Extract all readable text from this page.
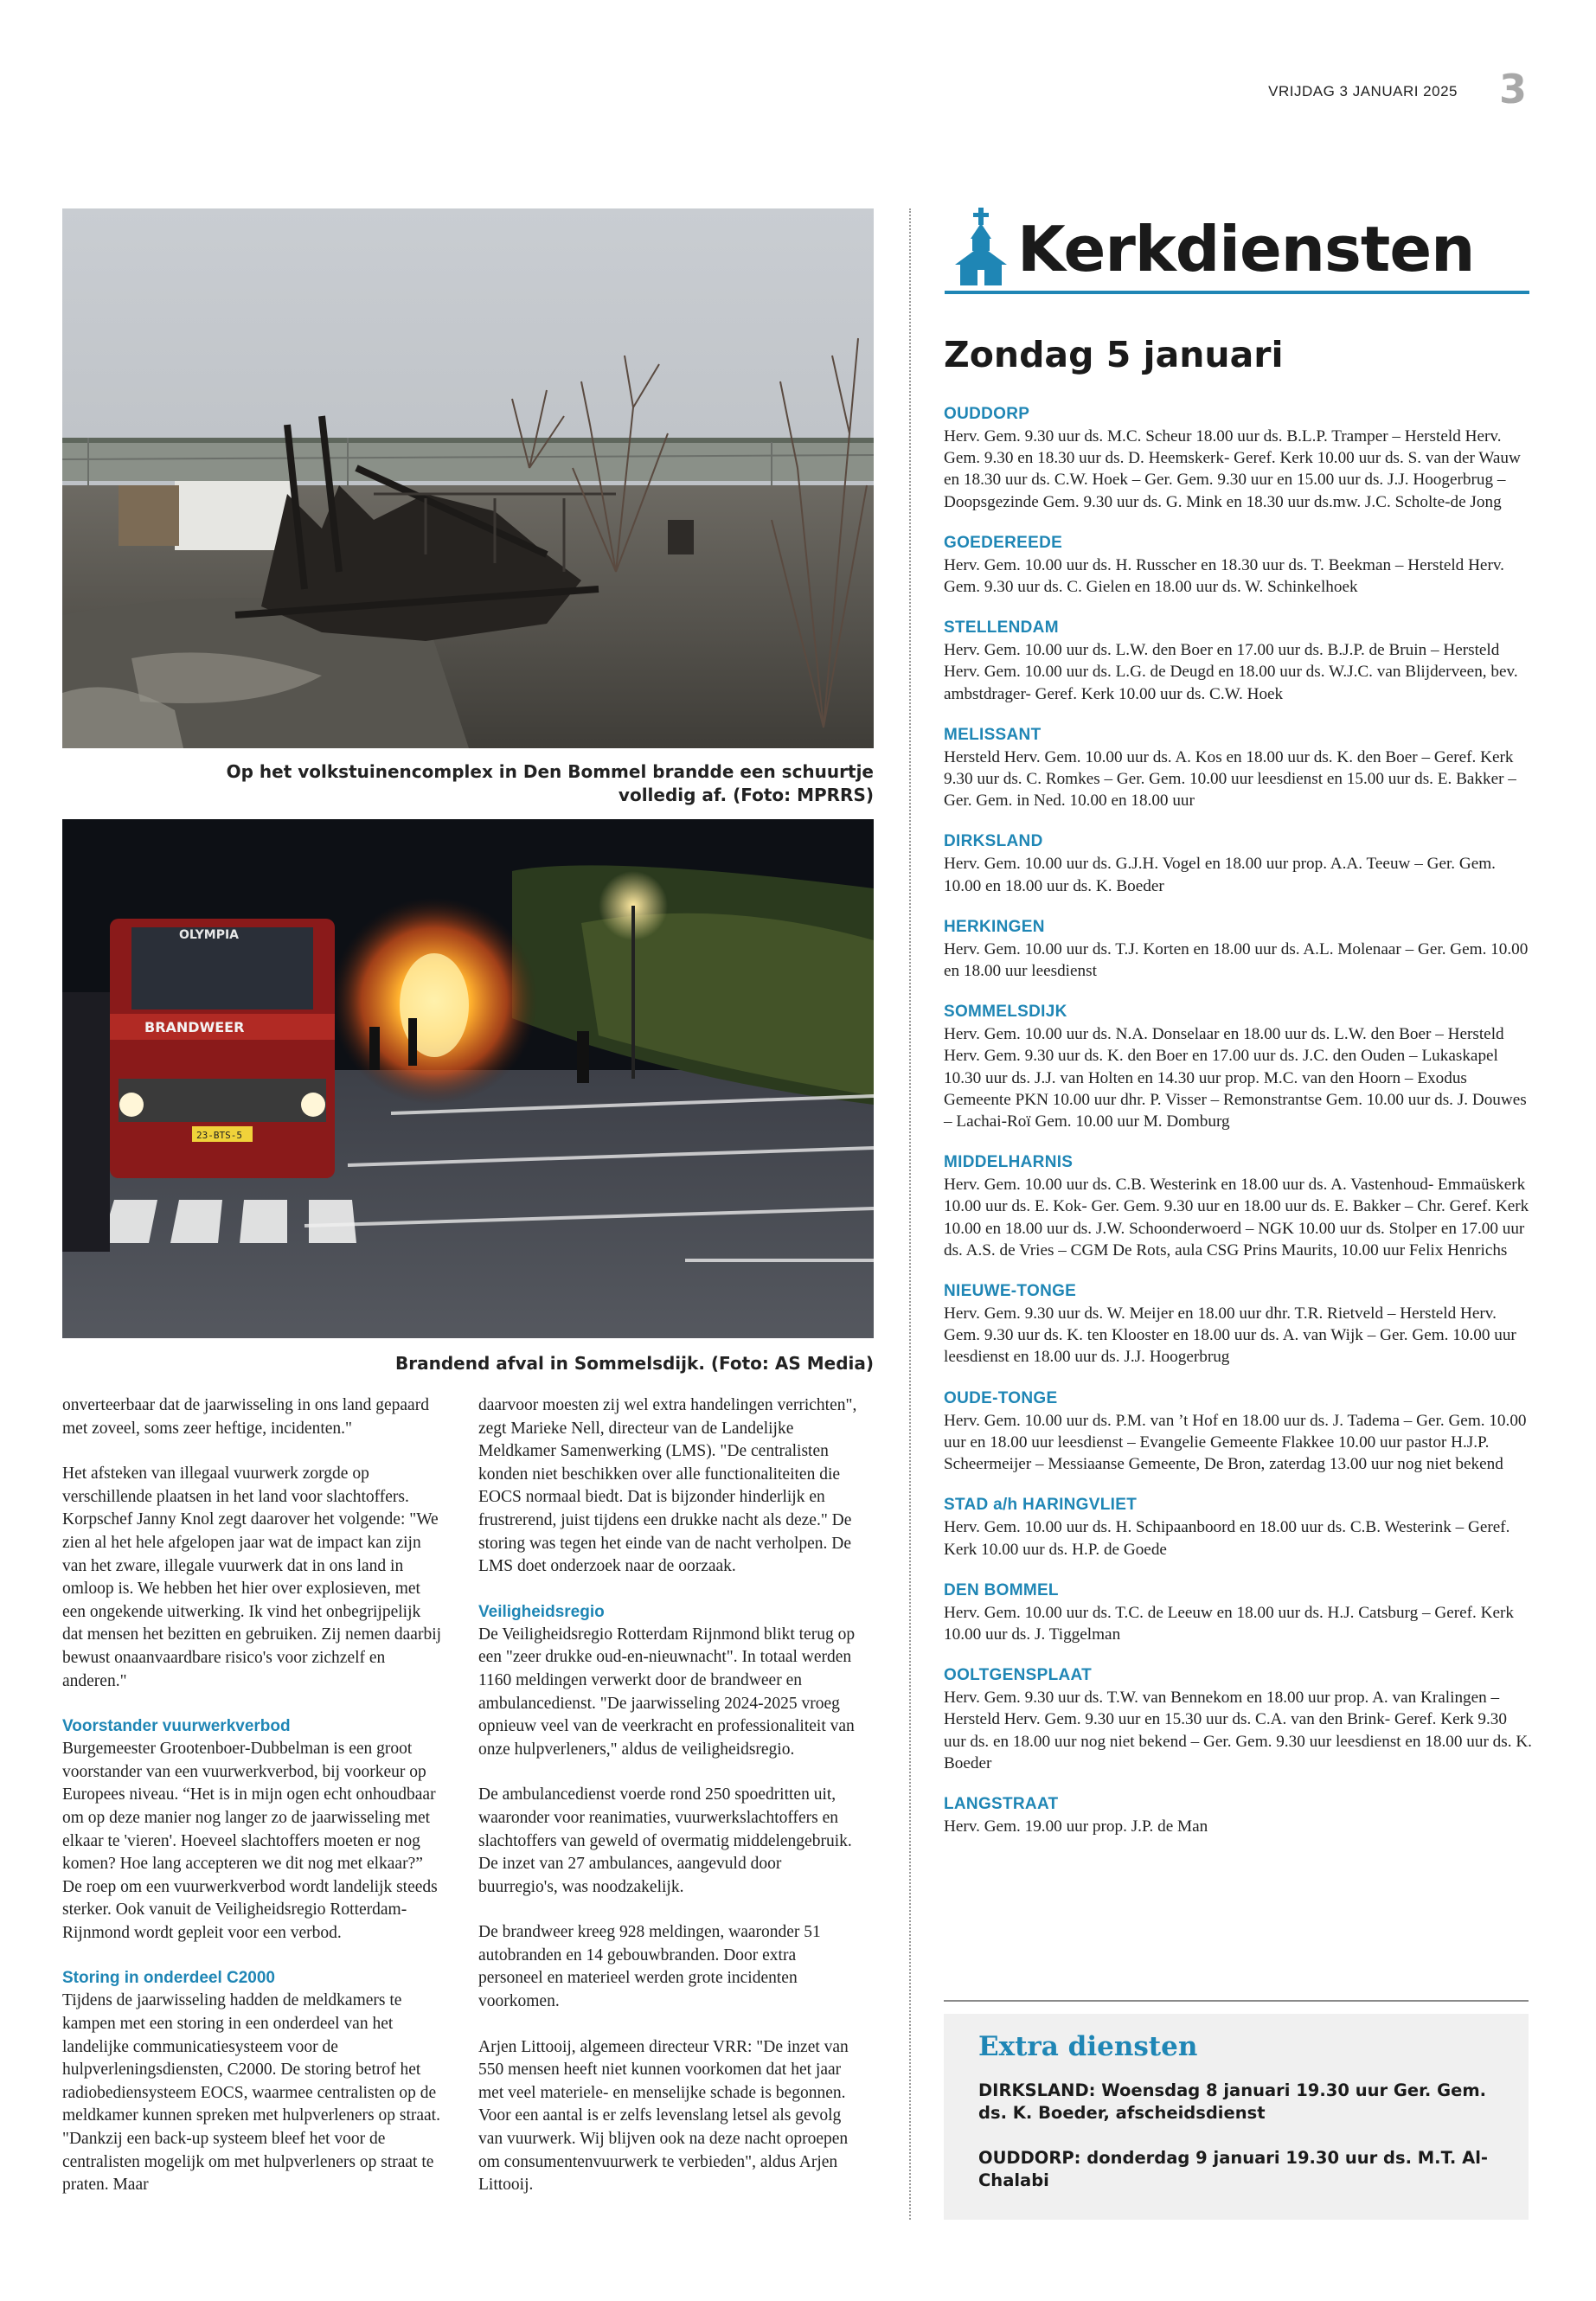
VRIJDAG 3 JANUARI 2025 3
Op het volkstuinencomplex in Den Bommel brandde een schuurtje volledig af. (Foto: MPRRS)
OLYMPIA
BRANDWEER
23-BTS-5
Brandend afval in Sommelsdijk. (Foto: AS Media)

onverteerbaar dat de jaarwisseling in ons land gepaard met zoveel, soms zeer heftige, incidenten."

Het afsteken van illegaal vuurwerk zorgde op verschillende plaatsen in het land voor slachtoffers. Korpschef Janny Knol zegt daarover het volgende: "We zien al het hele afgelopen jaar wat de impact kan zijn van het zware, illegale vuurwerk dat in ons land in omloop is. We hebben het hier over explosieven, met een ongekende uitwerking. Ik vind het onbegrijpelijk dat mensen het bezitten en gebruiken. Zij nemen daarbij bewust onaanvaardbare risico's voor zichzelf en anderen."

Voorstander vuurwerkverbod

Burgemeester Grootenboer-Dubbelman is een groot voorstander van een vuurwerkverbod, bij voorkeur op Europees niveau. “Het is in mijn ogen echt onhoudbaar om op deze manier nog langer zo de jaarwisseling met elkaar te 'vieren'. Hoeveel slachtoffers moeten er nog komen? Hoe lang accepteren we dit nog met elkaar?” De roep om een vuurwerkverbod wordt landelijk steeds sterker. Ook vanuit de Veiligheidsregio Rotterdam-Rijnmond wordt gepleit voor een verbod.

Storing in onderdeel C2000

Tijdens de jaarwisseling hadden de meldkamers te kampen met een storing in een onderdeel van het landelijke communicatiesysteem voor de hulpverleningsdiensten, C2000. De storing betrof het radiobediensysteem EOCS, waarmee centralisten op de meldkamer kunnen spreken met hulpverleners op straat. "Dankzij een back-up systeem bleef het voor de centralisten mogelijk om met hulpverleners op straat te praten. Maar

daarvoor moesten zij wel extra handelingen verrichten", zegt Marieke Nell, directeur van de Landelijke Meldkamer Samenwerking (LMS). "De centralisten konden niet beschikken over alle functionaliteiten die EOCS normaal biedt. Dat is bijzonder hinderlijk en frustrerend, juist tijdens een drukke nacht als deze." De storing was tegen het einde van de nacht verholpen. De LMS doet onderzoek naar de oorzaak.

Veiligheidsregio

De Veiligheidsregio Rotterdam Rijnmond blikt terug op een "zeer drukke oud-en-nieuwnacht". In totaal werden 1160 meldingen verwerkt door de brandweer en ambulancedienst. "De jaarwisseling 2024-2025 vroeg opnieuw veel van de veerkracht en professionaliteit van onze hulpverleners," aldus de veiligheidsregio.

De ambulancedienst voerde rond 250 spoedritten uit, waaronder voor reanimaties, vuurwerkslachtoffers en slachtoffers van geweld of overmatig middelengebruik. De inzet van 27 ambulances, aangevuld door buurregio's, was noodzakelijk.

De brandweer kreeg 928 meldingen, waaronder 51 autobranden en 14 gebouwbranden. Door extra personeel en materieel werden grote incidenten voorkomen.

Arjen Littooij, algemeen directeur VRR: "De inzet van 550 mensen heeft niet kunnen voorkomen dat het jaar met veel materiele- en menselijke schade is begonnen. Voor een aantal is er zelfs levenslang letsel als gevolg van vuurwerk. Wij blijven ook na deze nacht oproepen om consumentenvuurwerk te verbieden", aldus Arjen Littooij.

Kerkdiensten
Zondag 5 januari
OUDDORP

Herv. Gem. 9.30 uur ds. M.C. Scheur 18.00 uur ds. B.L.P. Tramper – Hersteld Herv. Gem. 9.30 en 18.30 uur ds. D. Heemskerk- Geref. Kerk 10.00 uur ds. S. van der Wauw en 18.30 uur ds. C.W. Hoek – Ger. Gem. 9.30 uur en 15.00 uur ds. J.J. Hoogerbrug – Doopsgezinde Gem. 9.30 uur ds. G. Mink en 18.30 uur ds.mw. J.C. Scholte-de Jong

GOEDEREEDE

Herv. Gem. 10.00 uur ds. H. Russcher en 18.30 uur ds. T. Beekman – Hersteld Herv. Gem. 9.30 uur ds. C. Gielen en 18.00 uur ds. W. Schinkelhoek

STELLENDAM

Herv. Gem. 10.00 uur ds. L.W. den Boer en 17.00 uur ds. B.J.P. de Bruin – Hersteld Herv. Gem. 10.00 uur ds. L.G. de Deugd en 18.00 uur ds. W.J.C. van Blijderveen, bev. ambstdrager- Geref. Kerk 10.00 uur ds. C.W. Hoek

MELISSANT

Hersteld Herv. Gem. 10.00 uur ds. A. Kos en 18.00 uur ds. K. den Boer – Geref. Kerk 9.30 uur ds. C. Romkes – Ger. Gem. 10.00 uur leesdienst en 15.00 uur ds. E. Bakker – Ger. Gem. in Ned. 10.00 en 18.00 uur

DIRKSLAND

Herv. Gem. 10.00 uur ds. G.J.H. Vogel en 18.00 uur prop. A.A. Teeuw – Ger. Gem. 10.00 en 18.00 uur ds. K. Boeder

HERKINGEN

Herv. Gem. 10.00 uur ds. T.J. Korten en 18.00 uur ds. A.L. Molenaar – Ger. Gem. 10.00 en 18.00 uur leesdienst

SOMMELSDIJK

Herv. Gem. 10.00 uur ds. N.A. Donselaar en 18.00 uur ds. L.W. den Boer – Hersteld Herv. Gem. 9.30 uur ds. K. den Boer en 17.00 uur ds. J.C. den Ouden – Lukaskapel 10.30 uur ds. J.J. van Holten en 14.30 uur prop. M.C. van den Hoorn – Exodus Gemeente PKN 10.00 uur dhr. P. Visser – Remonstrantse Gem. 10.00 uur ds. J. Douwes – Lachai-Roï Gem. 10.00 uur M. Domburg

MIDDELHARNIS

Herv. Gem. 10.00 uur ds. C.B. Westerink en 18.00 uur ds. A. Vastenhoud- Emmaüskerk 10.00 uur ds. E. Kok- Ger. Gem. 9.30 uur en 18.00 uur ds. E. Bakker – Chr. Geref. Kerk 10.00 en 18.00 uur ds. J.W. Schoonderwoerd – NGK 10.00 uur ds. Stolper en 17.00 uur ds. A.S. de Vries – CGM De Rots, aula CSG Prins Maurits, 10.00 uur Felix Henrichs

NIEUWE-TONGE

Herv. Gem. 9.30 uur ds. W. Meijer en 18.00 uur dhr. T.R. Rietveld – Hersteld Herv. Gem. 9.30 uur ds. K. ten Klooster en 18.00 uur ds. A. van Wijk – Ger. Gem. 10.00 uur leesdienst en 18.00 uur ds. J.J. Hoogerbrug

OUDE-TONGE

Herv. Gem. 10.00 uur ds. P.M. van ’t Hof en 18.00 uur ds. J. Tadema – Ger. Gem. 10.00 uur en 18.00 uur leesdienst – Evangelie Gemeente Flakkee 10.00 uur pastor H.J.P. Scheermeijer – Messiaanse Gemeente, De Bron, zaterdag 13.00 uur nog niet bekend

STAD a/h HARINGVLIET

Herv. Gem. 10.00 uur ds. H. Schipaanboord en 18.00 uur ds. C.B. Westerink – Geref. Kerk 10.00 uur ds. H.P. de Goede

DEN BOMMEL

Herv. Gem. 10.00 uur ds. T.C. de Leeuw en 18.00 uur ds. H.J. Catsburg – Geref. Kerk 10.00 uur ds. J. Tiggelman

OOLTGENSPLAAT

Herv. Gem. 9.30 uur ds. T.W. van Bennekom en 18.00 uur prop. A. van Kralingen – Hersteld Herv. Gem. 9.30 uur en 15.30 uur ds. C.A. van den Brink- Geref. Kerk 9.30 uur ds. en 18.00 uur nog niet bekend – Ger. Gem. 9.30 uur leesdienst en 18.00 uur ds. K. Boeder

LANGSTRAAT

Herv. Gem. 19.00 uur prop. J.P. de Man

Extra diensten
DIRKSLAND: Woensdag 8 januari 19.30 uur Ger. Gem. ds. K. Boeder, afscheidsdienst
OUDDORP: donderdag 9 januari 19.30 uur ds. M.T. Al-Chalabi
